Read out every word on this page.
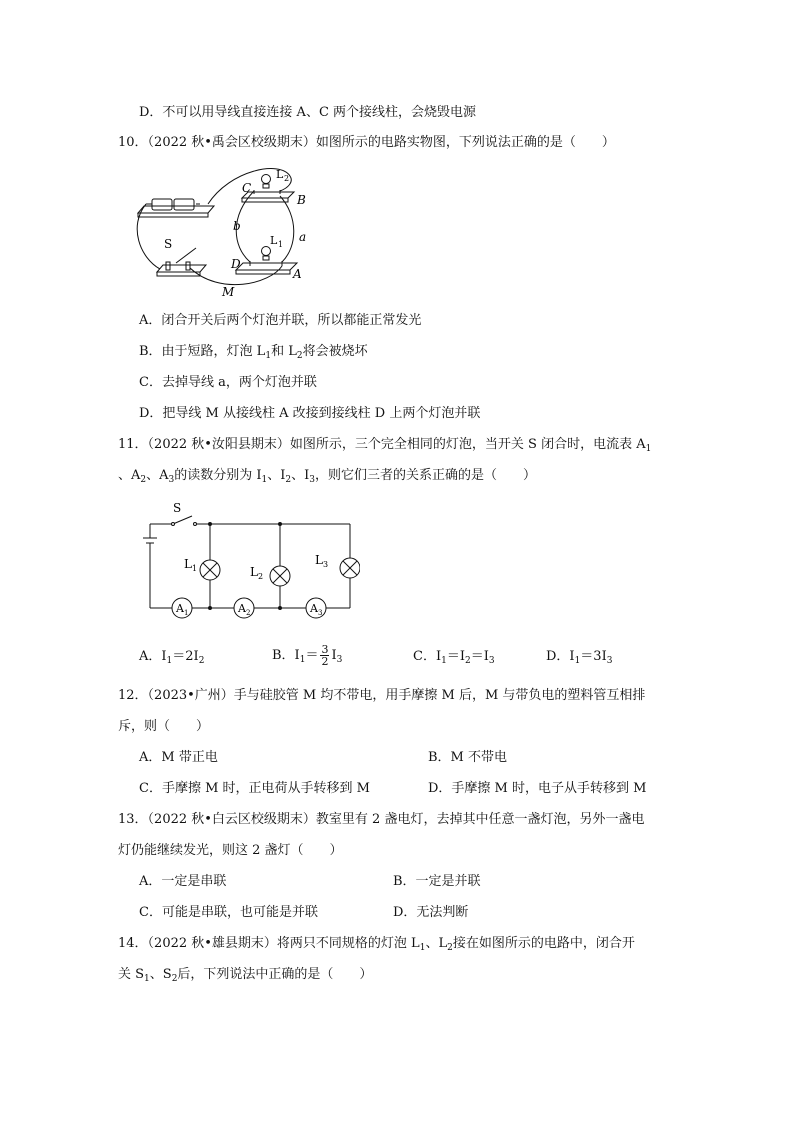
D．不可以用导线直接连接 A、C 两个接线柱，会烧毁电源
10．（2022 秋•禹会区校级期末）如图所示的电路实物图，下列说法正确的是（　　）
C
L 2
B
b
a
L 1
S
D
A
M
A．闭合开关后两个灯泡并联，所以都能正常发光
B．由于短路，灯泡 $L_1$和 $L_2$将会被烧坏
C．去掉导线 a，两个灯泡并联
D．把导线 M 从接线柱 A 改接到接线柱 D 上两个灯泡并联
11．（2022 秋•汝阳县期末）如图所示，三个完全相同的灯泡，当开关 S 闭合时，电流表 $A_1$
、$A_2$、$A_3$的读数分别为 $I_1$、$I_2$、$I_3$，则它们三者的关系正确的是（　　）
S
L 1	L 2
L 3
A 1	A 2	A 3
A．$I_1=2I_2$	B．$I_1= \frac{3}{2} I_3$	C．$I_1=I_2=I_3$	D．$I_1=3I_3$
12．（2023•广州）手与硅胶管 M 均不带电，用手摩擦 M 后，M 与带负电的塑料管互相排
斥，则（　　）
A．M 带正电	B．M 不带电
C．手摩擦 M 时，正电荷从手转移到 M	D．手摩擦 M 时，电子从手转移到 M
13．（2022 秋•白云区校级期末）教室里有 2 盏电灯，去掉其中任意一盏灯泡，另外一盏电
灯仍能继续发光，则这 2 盏灯（　　）
A．一定是串联	B．一定是并联
C．可能是串联，也可能是并联	D．无法判断
14．（2022 秋•雄县期末）将两只不同规格的灯泡 $L_1$、$L_2$接在如图所示的电路中，闭合开
关 $S_1$、$S_2$后，下列说法中正确的是（　　）
